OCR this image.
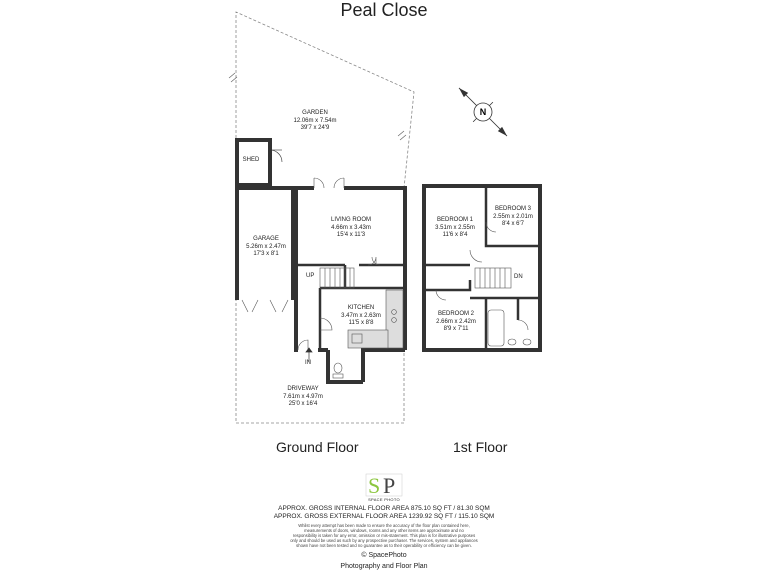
Peal Close
N
S P
GARDEN
12.06m x 7.54m
39'7 x 24'9
SHED
GARAGE
5.26m x 2.47m
17'3 x 8'1
LIVING ROOM
4.66m x 3.43m
15'4 x 11'3
KITCHEN
3.47m x 2.63m
11'5 x 8'8
DRIVEWAY
7.61m x 4.97m
25'0 x 16'4
BEDROOM 1
3.51m x 2.55m
11'6 x 8'4
BEDROOM 2
2.66m x 2.42m
8'9 x 7'11
BEDROOM 3
2.55m x 2.01m
8'4 x 6'7
UP
IN
DN
Ground Floor	1st Floor
SPACE PHOTO
APPROX. GROSS INTERNAL FLOOR AREA 875.10 SQ FT / 81.30 SQM
APPROX. GROSS EXTERNAL FLOOR AREA 1239.92 SQ FT / 115.10 SQM
Whilst every attempt has been made to ensure the accuracy of the floor plan contained here,
measurements of doors, windows, rooms and any other items are approximate and no
responsibility is taken for any error, omission or mis-statement. This plan is for illustrative purposes
only and should be used as such by any prospective purchaser. The services, system and appliances
shown have not been tested and no guarantee as to their operability or efficiency can be given.
© SpacePhoto
Photography and Floor Plan
